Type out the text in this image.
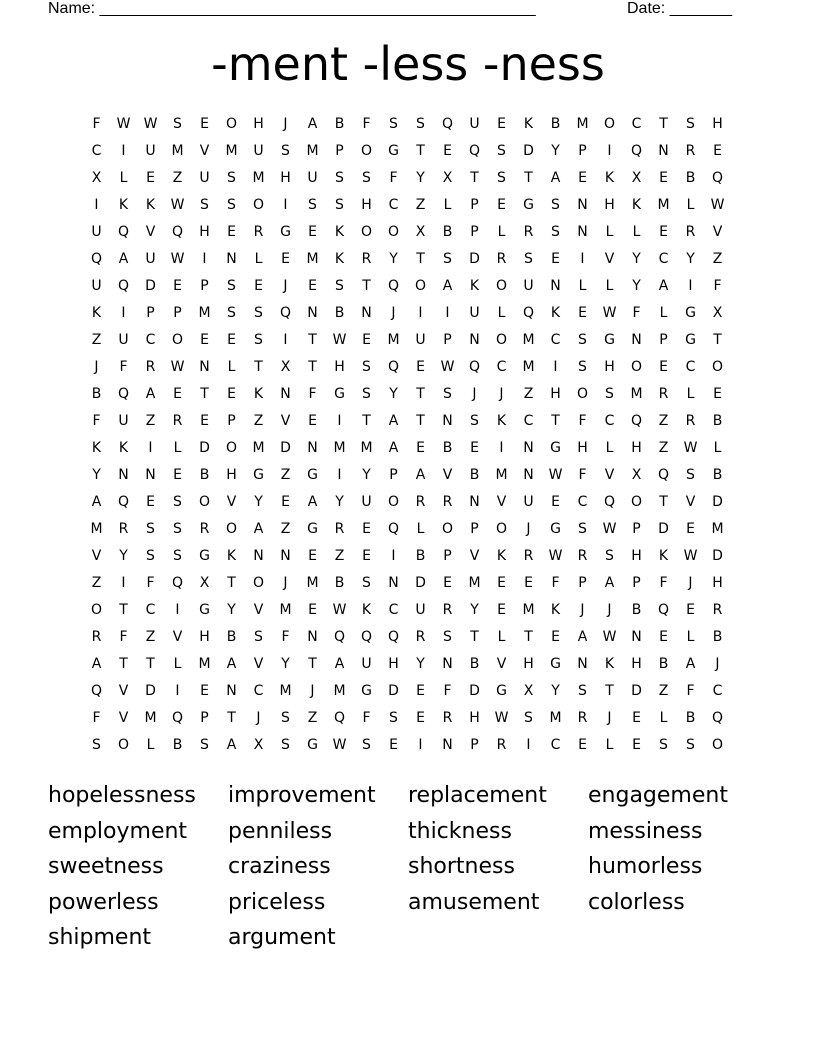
Name: _________________________________________________	Date: _______
-ment -less -ness
F	W W	S	E	O	H	J	A	B	F	S	S	Q	U	E	K	B	M	O	C	T	S	H
C	I	U	M	V	M	U	S	M	P	O	G	T	E	Q	S	D	Y	P	I	Q	N	R	E
X	L	E	Z	U	S	M	H	U	S	S	F	Y	X	T	S	T	A	E	K	X	E	B	Q
I	K	K	W	S	S	O	I	S	S	H	C	Z	L	P	E	G	S	N	H	K	M	L	W
U	Q	V	Q	H	E	R	G	E	K	O	O	X	B	P	L	R	S	N	L	L	E	R	V
Q	A	U	W	I	N	L	E	M	K	R	Y	T	S	D	R	S	E	I	V	Y	C	Y	Z
U	Q	D	E	P	S	E	J	E	S	T	Q	O	A	K	O	U	N	L	L	Y	A	I	F
K	I	P	P	M	S	S	Q	N	B	N	J	I	I	U	L	Q	K	E	W	F	L	G	X
Z	U	C	O	E	E	S	I	T	W	E	M	U	P	N	O	M	C	S	G	N	P	G	T
J	F	R	W	N	L	T	X	T	H	S	Q	E	W	Q	C	M	I	S	H	O	E	C	O
B	Q	A	E	T	E	K	N	F	G	S	Y	T	S	J	J	Z	H	O	S	M	R	L	E
F	U	Z	R	E	P	Z	V	E	I	T	A	T	N	S	K	C	T	F	C	Q	Z	R	B
K	K	I	L	D	O	M	D	N	M	M	A	E	B	E	I	N	G	H	L	H	Z	W	L
Y	N	N	E	B	H	G	Z	G	I	Y	P	A	V	B	M	N	W	F	V	X	Q	S	B
A	Q	E	S	O	V	Y	E	A	Y	U	O	R	R	N	V	U	E	C	Q	O	T	V	D
M	R	S	S	R	O	A	Z	G	R	E	Q	L	O	P	O	J	G	S	W	P	D	E	M
V	Y	S	S	G	K	N	N	E	Z	E	I	B	P	V	K	R	W	R	S	H	K	W	D
Z	I	F	Q	X	T	O	J	M	B	S	N	D	E	M	E	E	F	P	A	P	F	J	H
O	T	C	I	G	Y	V	M	E	W	K	C	U	R	Y	E	M	K	J	J	B	Q	E	R
R	F	Z	V	H	B	S	F	N	Q	Q	Q	R	S	T	L	T	E	A	W	N	E	L	B
A	T	T	L	M	A	V	Y	T	A	U	H	Y	N	B	V	H	G	N	K	H	B	A	J
Q	V	D	I	E	N	C	M	J	M	G	D	E	F	D	G	X	Y	S	T	D	Z	F	C
F	V	M	Q	P	T	J	S	Z	Q	F	S	E	R	H	W	S	M	R	J	E	L	B	Q
S	O	L	B	S	A	X	S	G	W	S	E	I	N	P	R	I	C	E	L	E	S	S	O
hopelessness	improvement	replacement	engagement
employment	penniless	thickness	messiness
sweetness	craziness	shortness	humorless
powerless	priceless	amusement	colorless
shipment	argument
